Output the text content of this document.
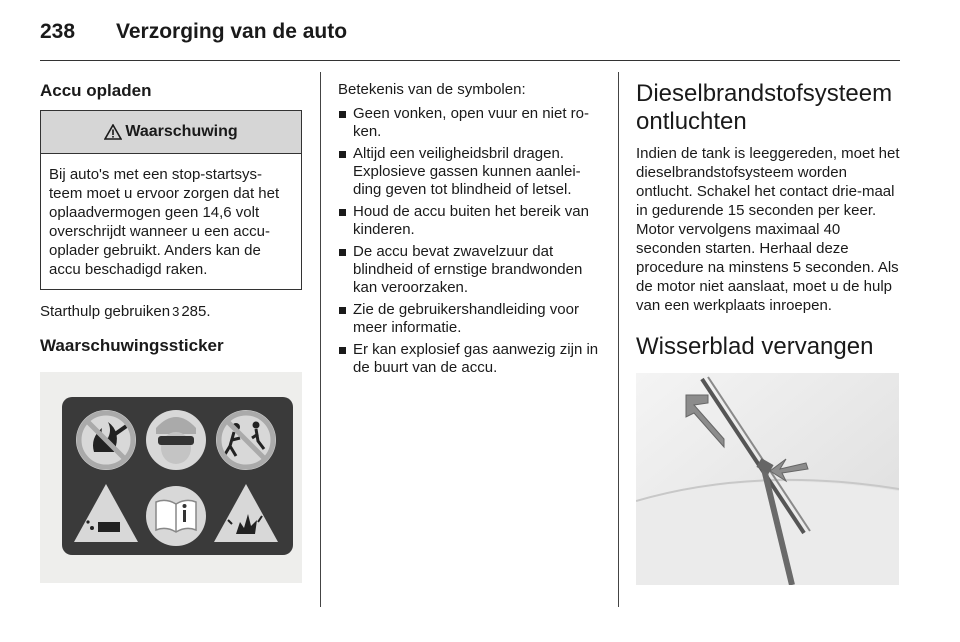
238 Verzorging van de auto
Accu opladen
Waarschuwing
Bij auto's met een stop-startsys-teem moet u ervoor zorgen dat het oplaadvermogen geen 14,6 volt overschrijdt wanneer u een accu-oplader gebruikt. Anders kan de accu beschadigd raken.

Starthulp gebruiken 3 285.

Waarschuwingssticker

Betekenis van de symbolen:

Geen vonken, open vuur en niet ro-ken.
Altijd een veiligheidsbril dragen. Explosieve gassen kunnen aanlei-ding geven tot blindheid of letsel.
Houd de accu buiten het bereik van kinderen.
De accu bevat zwavelzuur dat blindheid of ernstige brandwonden kan veroorzaken.
Zie de gebruikershandleiding voor meer informatie.
Er kan explosief gas aanwezig zijn in de buurt van de accu.
Dieselbrandstofsysteem ontluchten

Indien de tank is leeggereden, moet het dieselbrandstofsysteem worden ontlucht. Schakel het contact drie-maal in gedurende 15 seconden per keer. Motor vervolgens maximaal 40 seconden starten. Herhaal deze procedure na minstens 5 seconden. Als de motor niet aanslaat, moet u de hulp van een werkplaats inroepen.

Wisserblad vervangen
